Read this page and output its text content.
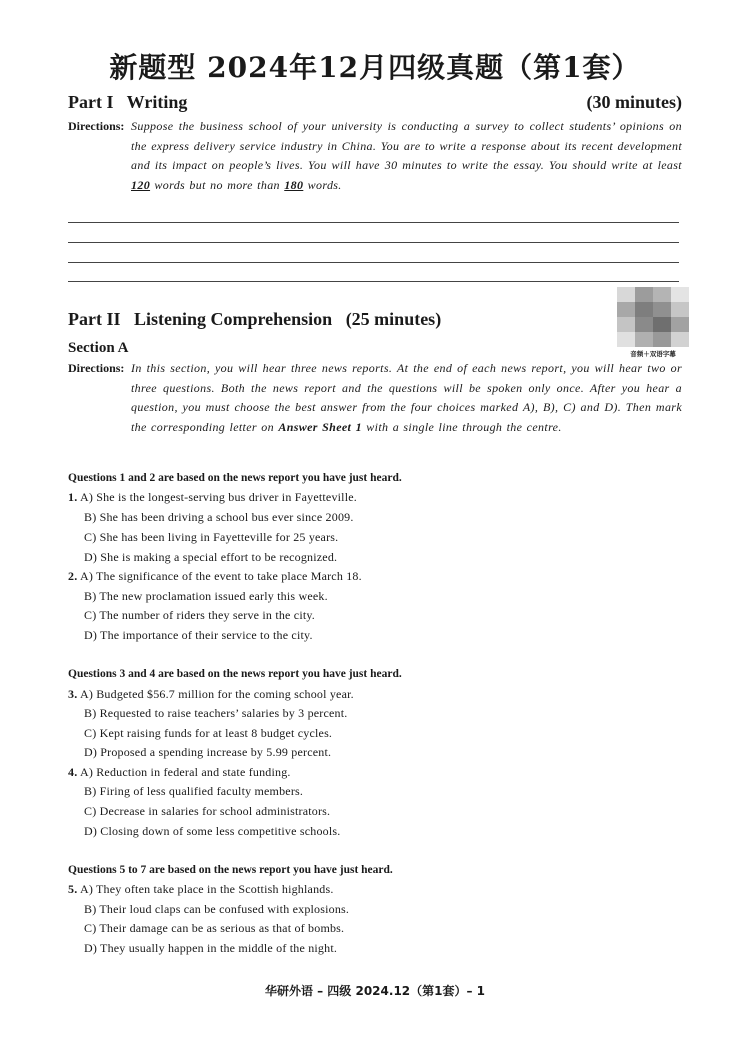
新题型 2024年12月四级真题（第1套）
Part I   Writing	(30 minutes)
Directions: Suppose the business school of your university is conducting a survey to collect students’ opinions on the express delivery service industry in China. You are to write a response about its recent development and its impact on people’s lives. You will have 30 minutes to write the essay. You should write at least 120 words but no more than 180 words.
Part II   Listening Comprehension   (25 minutes)
音频＋双语字幕
Section A
Directions: In this section, you will hear three news reports. At the end of each news report, you will hear two or three questions. Both the news report and the questions will be spoken only once. After you hear a question, you must choose the best answer from the four choices marked A), B), C) and D). Then mark the corresponding letter on Answer Sheet 1 with a single line through the centre.
Questions 1 and 2 are based on the news report you have just heard.
1. A) She is the longest-serving bus driver in Fayetteville.
B) She has been driving a school bus ever since 2009.
C) She has been living in Fayetteville for 25 years.
D) She is making a special effort to be recognized.
2. A) The significance of the event to take place March 18.
B) The new proclamation issued early this week.
C) The number of riders they serve in the city.
D) The importance of their service to the city.
Questions 3 and 4 are based on the news report you have just heard.
3. A) Budgeted $56.7 million for the coming school year.
B) Requested to raise teachers’ salaries by 3 percent.
C) Kept raising funds for at least 8 budget cycles.
D) Proposed a spending increase by 5.99 percent.
4. A) Reduction in federal and state funding.
B) Firing of less qualified faculty members.
C) Decrease in salaries for school administrators.
D) Closing down of some less competitive schools.
Questions 5 to 7 are based on the news report you have just heard.
5. A) They often take place in the Scottish highlands.
B) Their loud claps can be confused with explosions.
C) Their damage can be as serious as that of bombs.
D) They usually happen in the middle of the night.
华研外语 – 四级 2024.12（第1套）– 1
